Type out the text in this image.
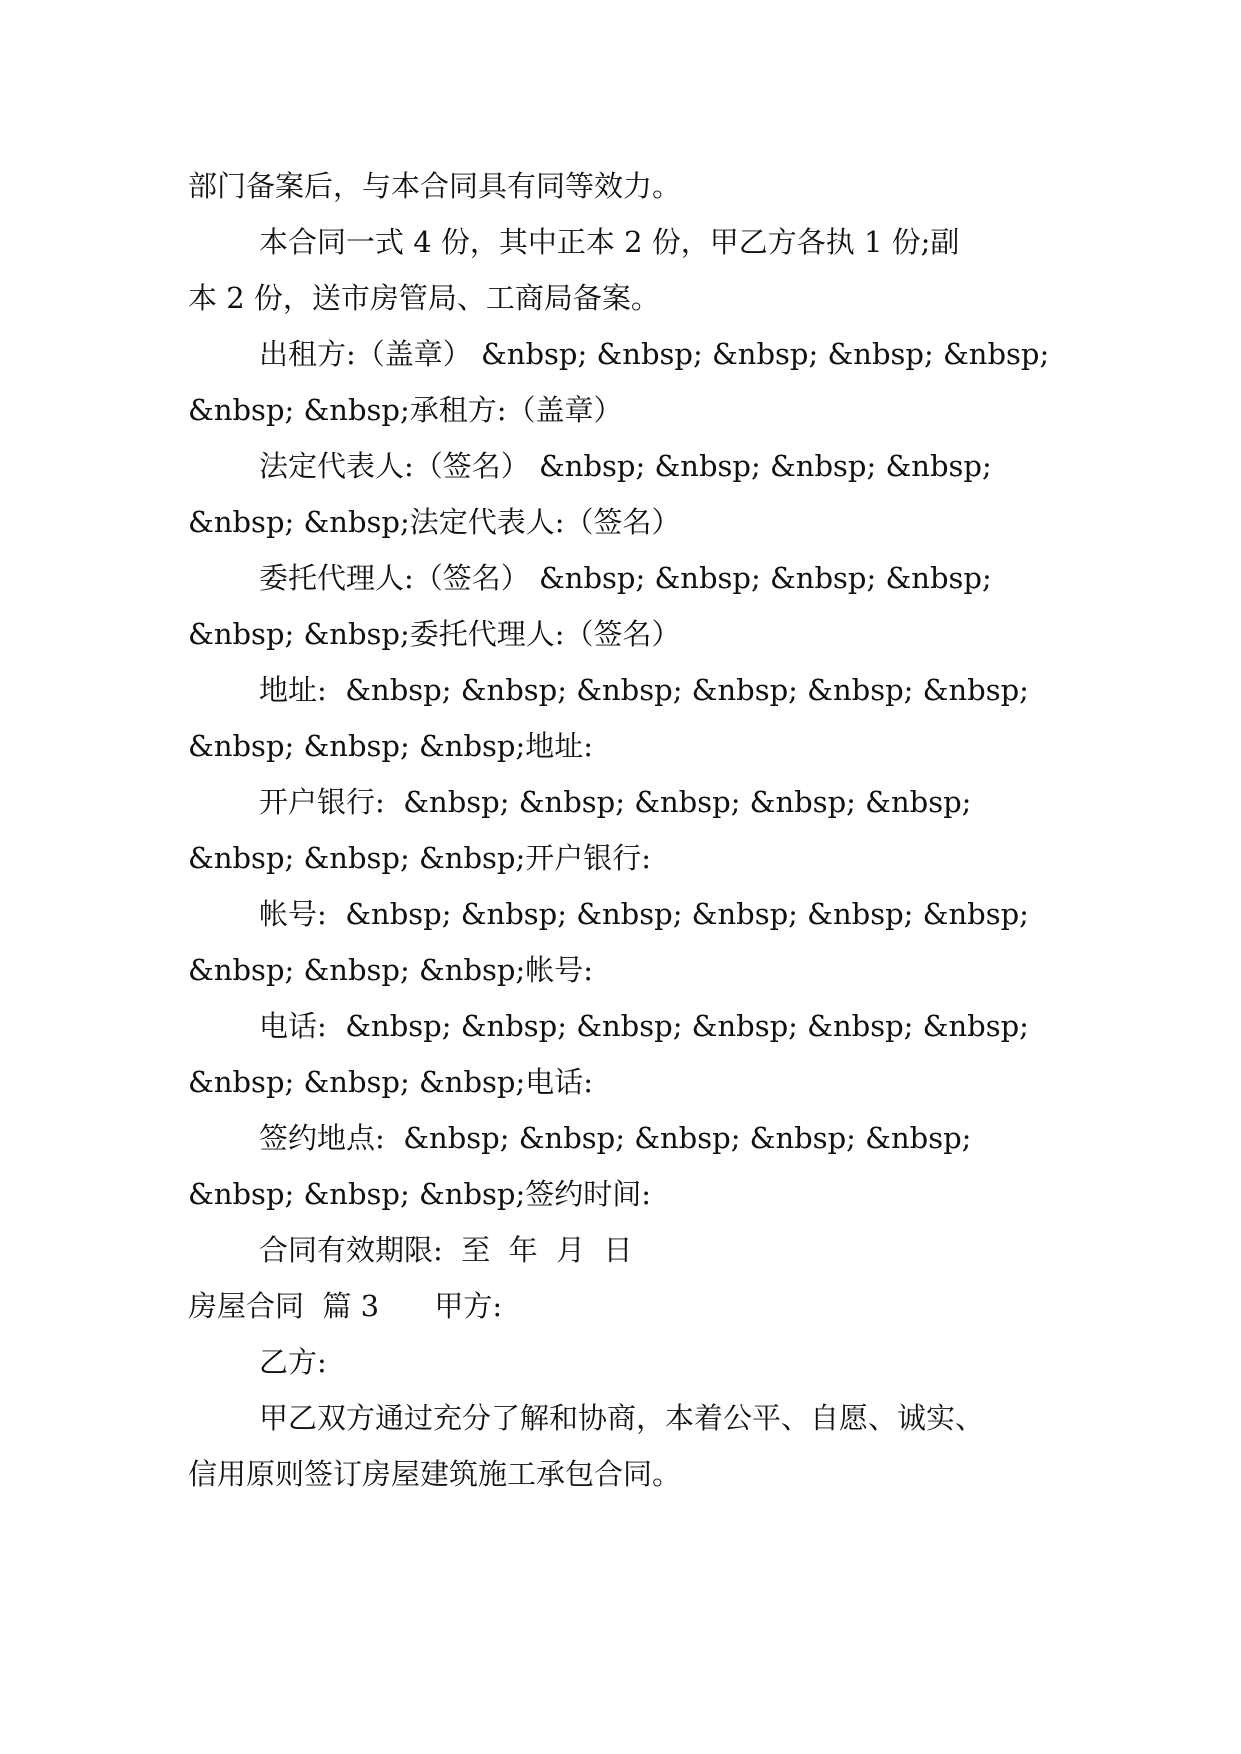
部门备案后，与本合同具有同等效力。
本合同一式 4 份，其中正本 2 份，甲乙方各执 1 份;副
本 2 份，送市房管局、工商局备案。
出租方:（盖章） &nbsp; &nbsp; &nbsp; &nbsp; &nbsp;
&nbsp; &nbsp;承租方:（盖章）
法定代表人:（签名） &nbsp; &nbsp; &nbsp; &nbsp;
&nbsp; &nbsp;法定代表人:（签名）
委托代理人:（签名） &nbsp; &nbsp; &nbsp; &nbsp;
&nbsp; &nbsp;委托代理人:（签名）
地址:  &nbsp; &nbsp; &nbsp; &nbsp; &nbsp; &nbsp;
&nbsp; &nbsp; &nbsp;地址:
开户银行:  &nbsp; &nbsp; &nbsp; &nbsp; &nbsp;
&nbsp; &nbsp; &nbsp;开户银行:
帐号:  &nbsp; &nbsp; &nbsp; &nbsp; &nbsp; &nbsp;
&nbsp; &nbsp; &nbsp;帐号:
电话:  &nbsp; &nbsp; &nbsp; &nbsp; &nbsp; &nbsp;
&nbsp; &nbsp; &nbsp;电话:
签约地点:  &nbsp; &nbsp; &nbsp; &nbsp; &nbsp;
&nbsp; &nbsp; &nbsp;签约时间:
合同有效期限:  至  年  月  日
房屋合同  篇 3      甲方:
乙方:
甲乙双方通过充分了解和协商，本着公平、自愿、诚实、
信用原则签订房屋建筑施工承包合同。
